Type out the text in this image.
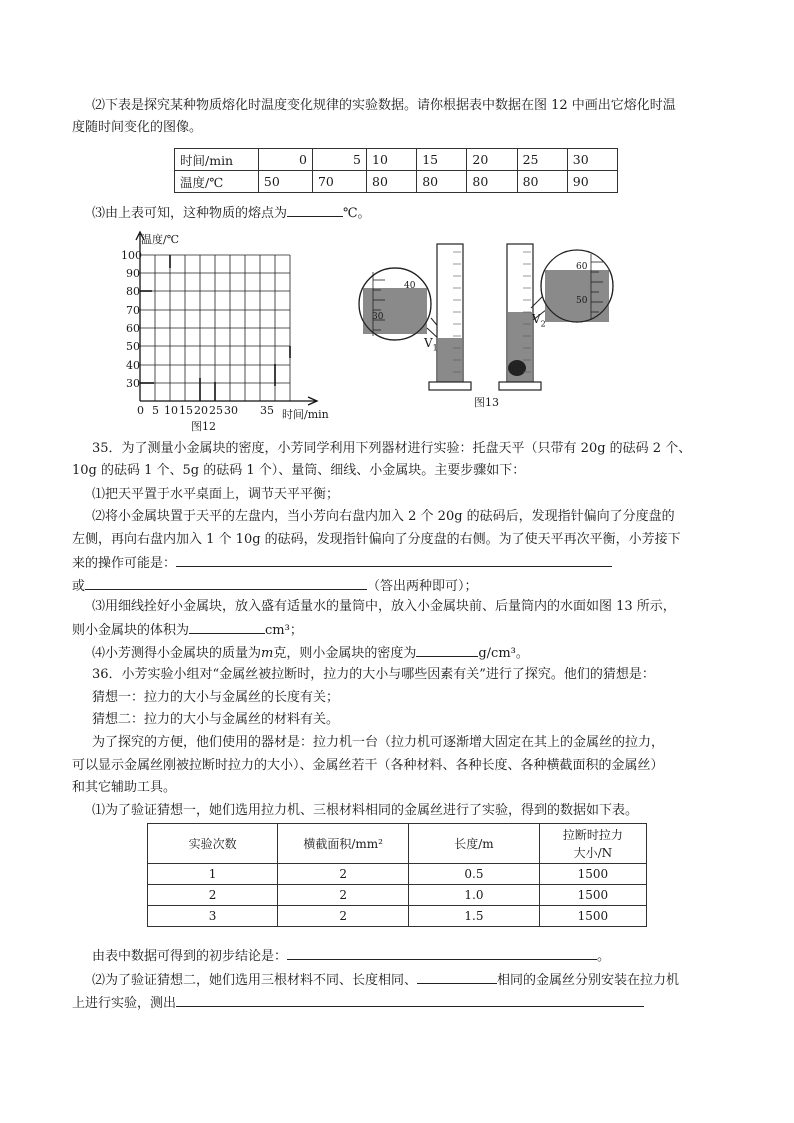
⑵下表是探究某种物质熔化时温度变化规律的实验数据。请你根据表中数据在图 12 中画出它熔化时温
度随时间变化的图像。
时间/min	0	5	10	15	20	25	30
温度/℃	50	70	80	80	80	80	90
⑶由上表可知，这种物质的熔点为	℃。
温度/℃
100
90
80
70
60
50
40
30
0 5 10 15 20 25 30 35 时间/min
图12
40
30
60
50
$V_1$
$V_2$
图13
35．为了测量小金属块的密度，小芳同学利用下列器材进行实验：托盘天平（只带有 20g 的砝码 2 个、
10g 的砝码 1 个、5g 的砝码 1 个）、量筒、细线、小金属块。主要步骤如下：
⑴把天平置于水平桌面上，调节天平平衡；
⑵将小金属块置于天平的左盘内，当小芳向右盘内加入 2 个 20g 的砝码后，发现指针偏向了分度盘的
左侧，再向右盘内加入 1 个 10g 的砝码，发现指针偏向了分度盘的右侧。为了使天平再次平衡，小芳接下
来的操作可能是：
或	（答出两种即可）；
⑶用细线拴好小金属块，放入盛有适量水的量筒中，放入小金属块前、后量筒内的水面如图 13 所示，
则小金属块的体积为	cm³；
⑷小芳测得小金属块的质量为m克，则小金属块的密度为	g/cm³。
36．小芳实验小组对“金属丝被拉断时，拉力的大小与哪些因素有关”进行了探究。他们的猜想是：
猜想一：拉力的大小与金属丝的长度有关；
猜想二：拉力的大小与金属丝的材料有关。
为了探究的方便，他们使用的器材是：拉力机一台（拉力机可逐渐增大固定在其上的金属丝的拉力，
可以显示金属丝刚被拉断时拉力的大小）、金属丝若干（各种材料、各种长度、各种横截面积的金属丝）
和其它辅助工具。
⑴为了验证猜想一，她们选用拉力机、三根材料相同的金属丝进行了实验，得到的数据如下表。
实验次数	横截面积/mm²	长度/m	拉断时拉力
大小/N

1	2	0.5	1500
2	2	1.0	1500
3	2	1.5	1500
由表中数据可得到的初步结论是：	。
⑵为了验证猜想二，她们选用三根材料不同、长度相同、	相同的金属丝分别安装在拉力机
上进行实验，测出
